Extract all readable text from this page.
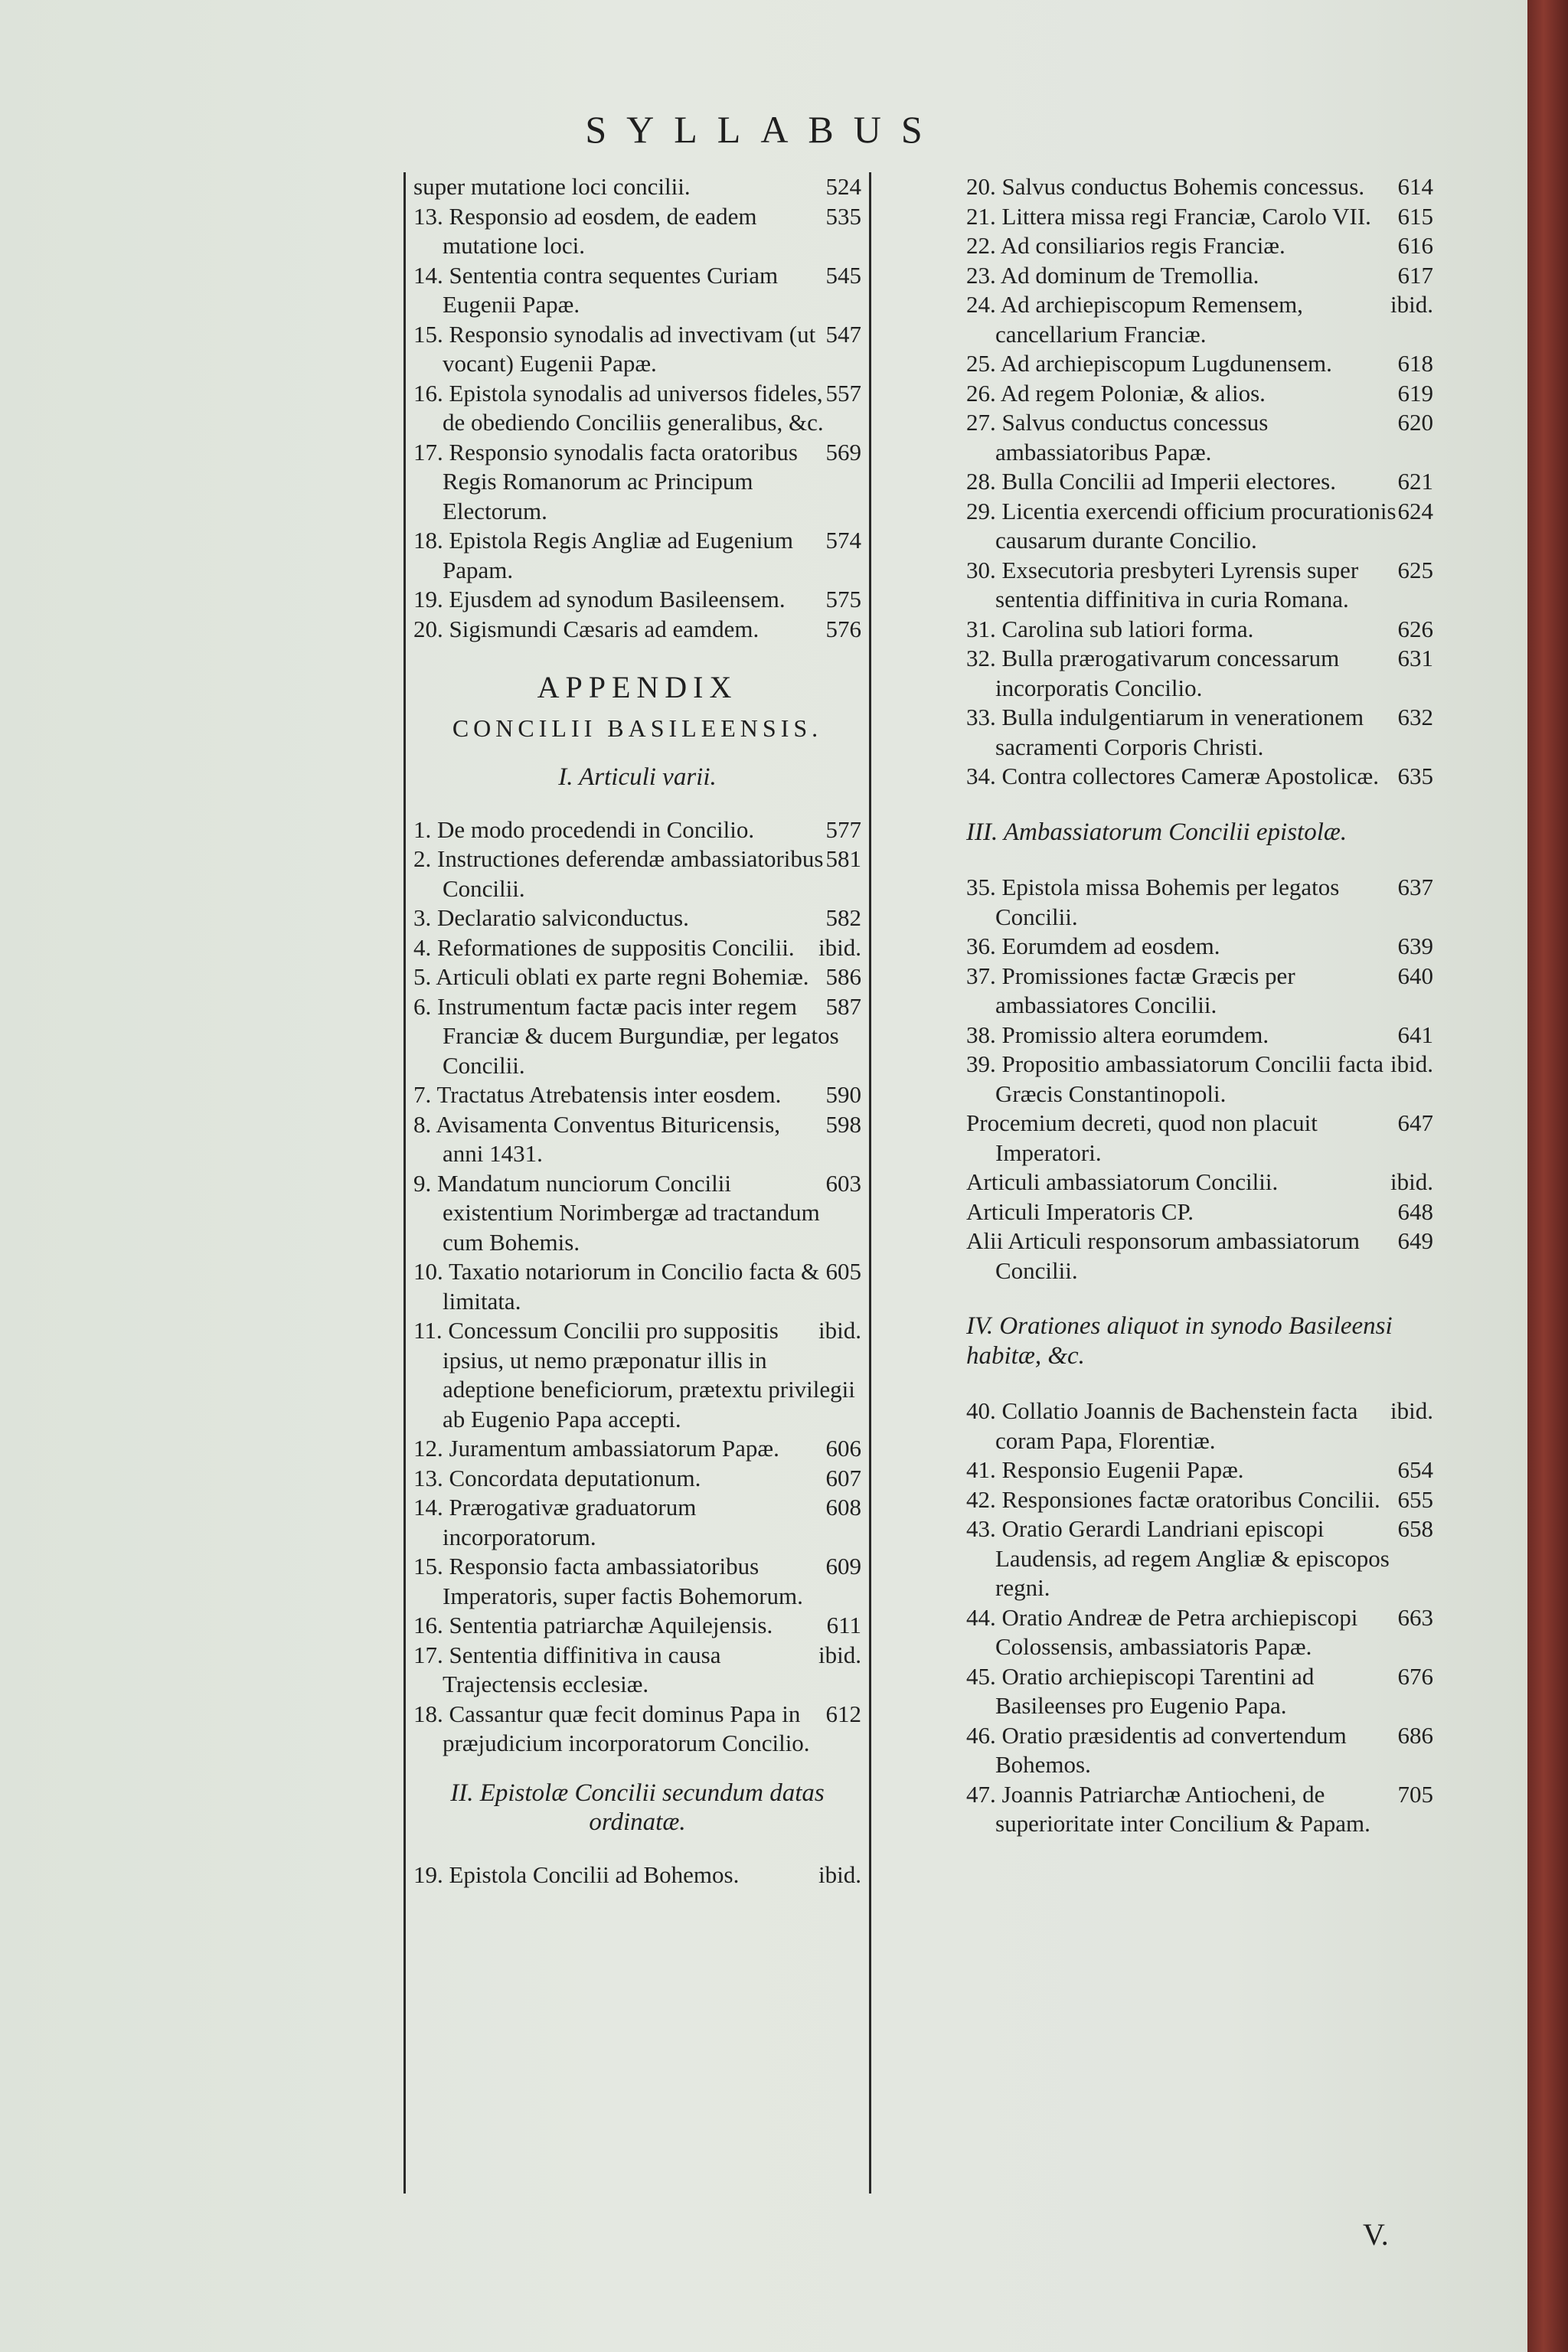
SYLLABUS

524
super mutatione loci concilii.

535
13. Responsio ad eosdem, de eadem mutatione loci.

545
14. Sententia contra sequentes Curiam Eugenii Papæ.

547
15. Responsio synodalis ad invectivam (ut vocant) Eugenii Papæ.

557
16. Epistola synodalis ad universos fideles, de obediendo Conciliis generalibus, &c.

569
17. Responsio synodalis facta oratoribus Regis Romanorum ac Principum Electorum.

574
18. Epistola Regis Angliæ ad Eugenium Papam.

575
19. Ejusdem ad synodum Basileensem.

576
20. Sigismundi Cæsaris ad eamdem.

APPENDIX
CONCILII BASILEENSIS.
I. Articuli varii.

577
1. De modo procedendi in Concilio.

581
2. Instructiones deferendæ ambassiatoribus Concilii.

582
3. Declaratio salviconductus.

ibid.
4. Reformationes de suppositis Concilii.

586
5. Articuli oblati ex parte regni Bohemiæ.

587
6. Instrumentum factæ pacis inter regem Franciæ & ducem Burgundiæ, per legatos Concilii.

590
7. Tractatus Atrebatensis inter eosdem.

598
8. Avisamenta Conventus Bituricensis, anni 1431.

603
9. Mandatum nunciorum Concilii existentium Norimbergæ ad tractandum cum Bohemis.

605
10. Taxatio notariorum in Concilio facta & limitata.

ibid.
11. Concessum Concilii pro suppositis ipsius, ut nemo præponatur illis in adeptione beneficiorum, prætextu privilegii ab Eugenio Papa accepti.

606
12. Juramentum ambassiatorum Papæ.

607
13. Concordata deputationum.

608
14. Prærogativæ graduatorum incorporatorum.

609
15. Responsio facta ambassiatoribus Imperatoris, super factis Bohemorum.

611
16. Sententia patriarchæ Aquilejensis.

ibid.
17. Sententia diffinitiva in causa Trajectensis ecclesiæ.

612
18. Cassantur quæ fecit dominus Papa in præjudicium incorporatorum Concilio.

II. Epistolæ Concilii secundum datas ordinatæ.

ibid.
19. Epistola Concilii ad Bohemos.

614
20. Salvus conductus Bohemis concessus.

615
21. Littera missa regi Franciæ, Carolo VII.

616
22. Ad consiliarios regis Franciæ.

617
23. Ad dominum de Tremollia.

ibid.
24. Ad archiepiscopum Remensem, cancellarium Franciæ.

618
25. Ad archiepiscopum Lugdunensem.

619
26. Ad regem Poloniæ, & alios.

620
27. Salvus conductus concessus ambassiatoribus Papæ.

621
28. Bulla Concilii ad Imperii electores.

624
29. Licentia exercendi officium procurationis causarum durante Concilio.

625
30. Exsecutoria presbyteri Lyrensis super sententia diffinitiva in curia Romana.

626
31. Carolina sub latiori forma.

631
32. Bulla prærogativarum concessarum incorporatis Concilio.

632
33. Bulla indulgentiarum in venerationem sacramenti Corporis Christi.

635
34. Contra collectores Cameræ Apostolicæ.

III. Ambassiatorum Concilii epistolæ.

637
35. Epistola missa Bohemis per legatos Concilii.

639
36. Eorumdem ad eosdem.

640
37. Promissiones factæ Græcis per ambassiatores Concilii.

641
38. Promissio altera eorumdem.

ibid.
39. Propositio ambassiatorum Concilii facta Græcis Constantinopoli.

647
Procemium decreti, quod non placuit Imperatori.

ibid.
Articuli ambassiatorum Concilii.

648
Articuli Imperatoris CP.

649
Alii Articuli responsorum ambassiatorum Concilii.

IV. Orationes aliquot in synodo Basileensi habitæ, &c.

ibid.
40. Collatio Joannis de Bachenstein facta coram Papa, Florentiæ.

654
41. Responsio Eugenii Papæ.

655
42. Responsiones factæ oratoribus Concilii.

658
43. Oratio Gerardi Landriani episcopi Laudensis, ad regem Angliæ & episcopos regni.

663
44. Oratio Andreæ de Petra archiepiscopi Colossensis, ambassiatoris Papæ.

676
45. Oratio archiepiscopi Tarentini ad Basileenses pro Eugenio Papa.

686
46. Oratio præsidentis ad convertendum Bohemos.

705
47. Joannis Patriarchæ Antiocheni, de superioritate inter Concilium & Papam.

V.
